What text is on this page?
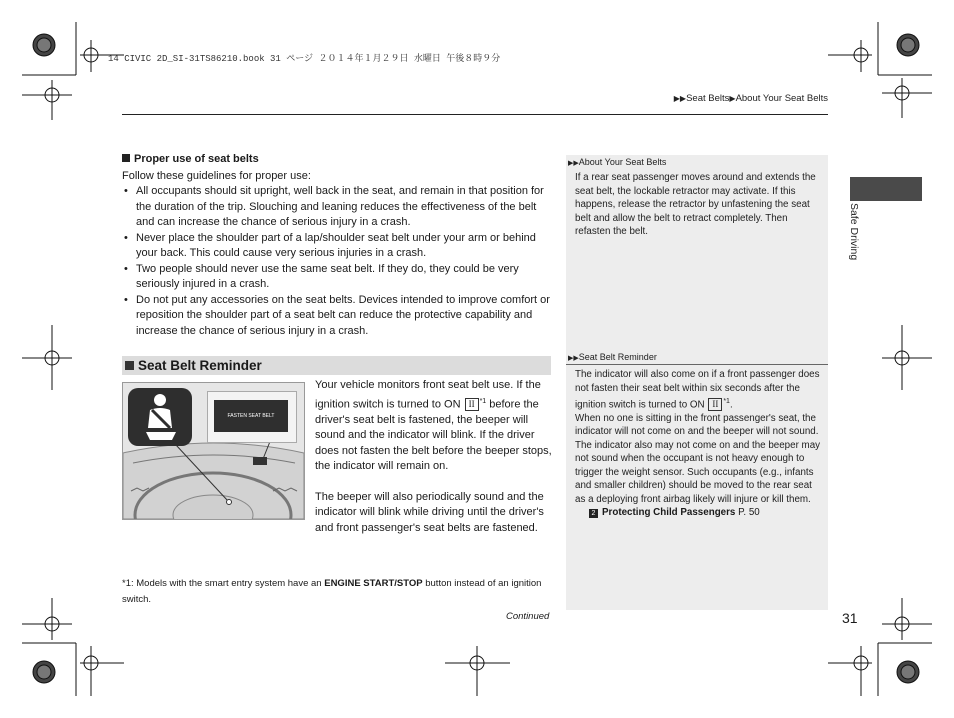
14 CIVIC 2D_SI-31TS86210.book 31 ページ ２０１４年１月２９日 水曜日 午後８時９分
▶▶Seat Belts▶About Your Seat Belts
Safe Driving
Proper use of seat belts
Follow these guidelines for proper use:
• All occupants should sit upright, well back in the seat, and remain in that position for the duration of the trip. Slouching and leaning reduces the effectiveness of the belt and can increase the chance of serious injury in a crash.
• Never place the shoulder part of a lap/shoulder seat belt under your arm or behind your back. This could cause very serious injuries in a crash.
• Two people should never use the same seat belt. If they do, they could be very seriously injured in a crash.
• Do not put any accessories on the seat belts. Devices intended to improve comfort or reposition the shoulder part of a seat belt can reduce the protective capability and increase the chance of serious injury in a crash.
Seat Belt Reminder
FASTEN SEAT BELT
Your vehicle monitors front seat belt use. If the ignition switch is turned to ON II $^{*1}$ before the driver's seat belt is fastened, the beeper will sound and the indicator will blink. If the driver does not fasten the belt before the beeper stops, the indicator will remain on.
The beeper will also periodically sound and the indicator will blink while driving until the driver's and front passenger's seat belts are fastened.
*1: Models with the smart entry system have an ENGINE START/STOP button instead of an ignition switch.
Continued	31
▶▶About Your Seat Belts
If a rear seat passenger moves around and extends the seat belt, the lockable retractor may activate. If this happens, release the retractor by unfastening the seat belt and allow the belt to retract completely. Then refasten the belt.
▶▶Seat Belt Reminder
The indicator will also come on if a front passenger does not fasten their seat belt within six seconds after the ignition switch is turned to ON II $^{*1}$.
When no one is sitting in the front passenger's seat, the indicator will not come on and the beeper will not sound. The indicator also may not come on and the beeper may not sound when the occupant is not heavy enough to trigger the weight sensor. Such occupants (e.g., infants and smaller children) should be moved to the rear seat as a deploying front airbag likely will injure or kill them.
2 Protecting Child Passengers P. 50
